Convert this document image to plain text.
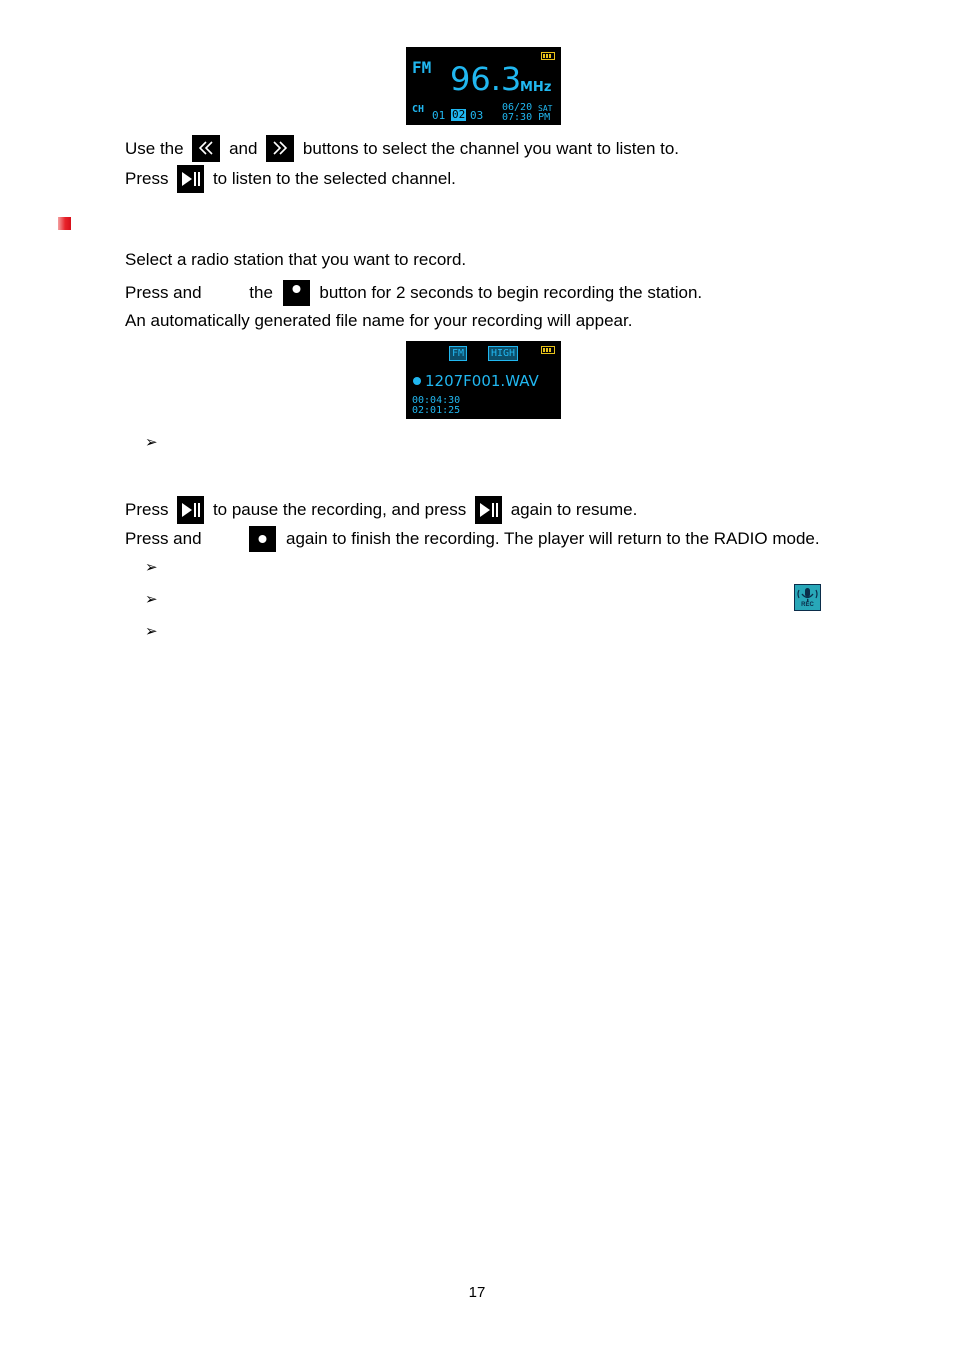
FM 96.3
MHz
CH 01 02 03
06/20 SAT
07:30 PM
Use the	and	buttons to select the channel you want to listen to.
Press	to listen to the selected channel.
Select a radio station that you want to record.
Press and	the	button for 2 seconds to begin recording the station.
An automatically generated file name for your recording will appear.
FM	HIGH
1207F001.WAV
00:04:30
02:01:25
➢
Press	to pause the recording, and press	again to resume.
Press and	again to finish the recording. The player will return to the RADIO mode.
➢
➢
➢
REC
17
